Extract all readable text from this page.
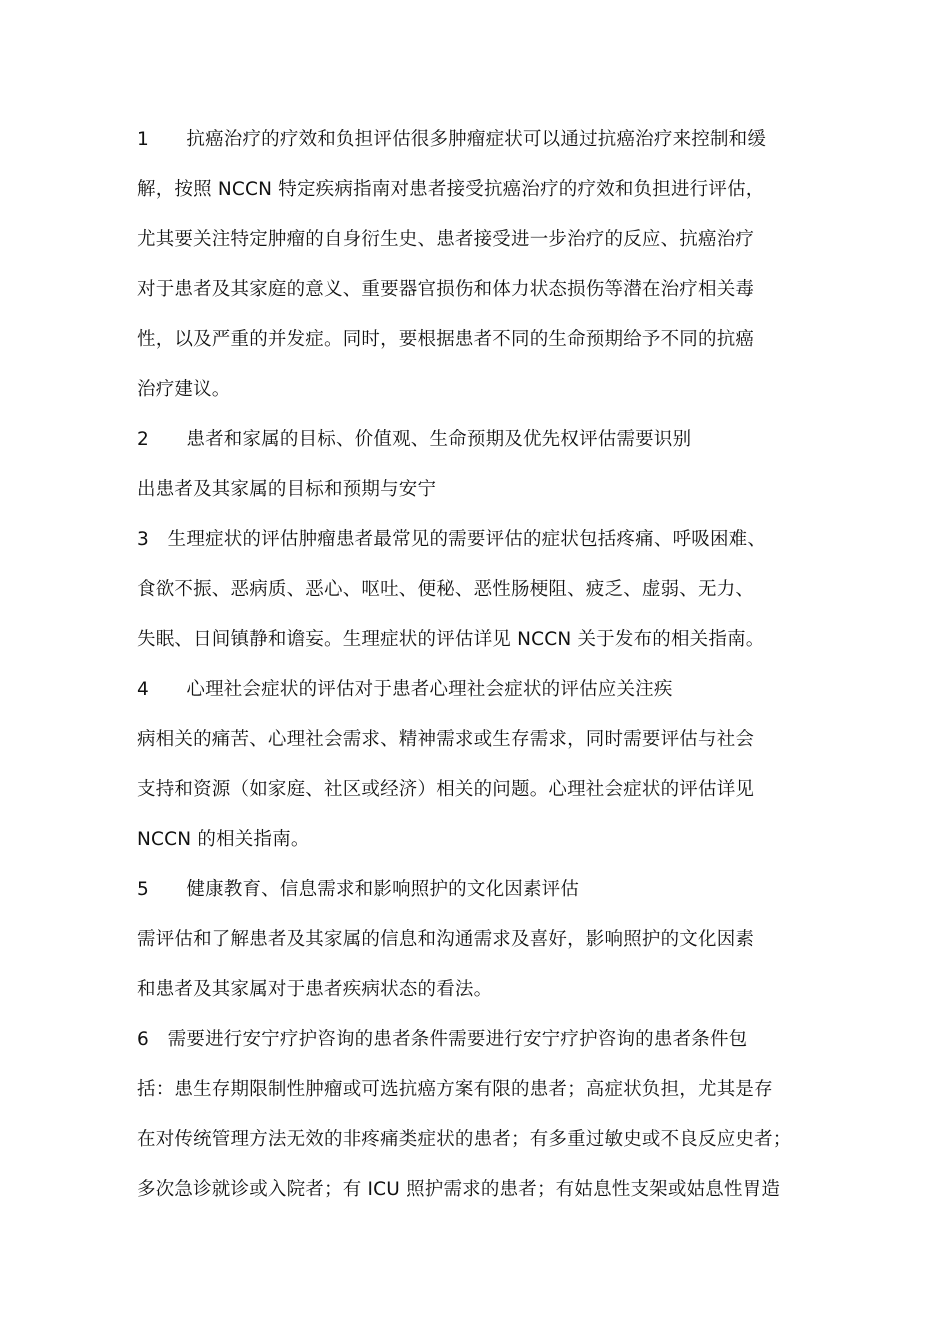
1　　抗癌治疗的疗效和负担评估很多肿瘤症状可以通过抗癌治疗来控制和缓
解，按照 NCCN 特定疾病指南对患者接受抗癌治疗的疗效和负担进行评估，
尤其要关注特定肿瘤的自身衍生史、患者接受进一步治疗的反应、抗癌治疗
对于患者及其家庭的意义、重要器官损伤和体力状态损伤等潜在治疗相关毒
性，以及严重的并发症。同时，要根据患者不同的生命预期给予不同的抗癌
治疗建议。
2　　患者和家属的目标、价值观、生命预期及优先权评估需要识别
出患者及其家属的目标和预期与安宁
3　生理症状的评估肿瘤患者最常见的需要评估的症状包括疼痛、呼吸困难、
食欲不振、恶病质、恶心、呕吐、便秘、恶性肠梗阻、疲乏、虚弱、无力、
失眠、日间镇静和谵妄。生理症状的评估详见 NCCN 关于发布的相关指南。
4　　心理社会症状的评估对于患者心理社会症状的评估应关注疾
病相关的痛苦、心理社会需求、精神需求或生存需求，同时需要评估与社会
支持和资源（如家庭、社区或经济）相关的问题。心理社会症状的评估详见
NCCN 的相关指南。
5　　健康教育、信息需求和影响照护的文化因素评估
需评估和了解患者及其家属的信息和沟通需求及喜好，影响照护的文化因素
和患者及其家属对于患者疾病状态的看法。
6　需要进行安宁疗护咨询的患者条件需要进行安宁疗护咨询的患者条件包
括：患生存期限制性肿瘤或可选抗癌方案有限的患者；高症状负担，尤其是存
在对传统管理方法无效的非疼痛类症状的患者；有多重过敏史或不良反应史者；
多次急诊就诊或入院者；有 ICU 照护需求的患者；有姑息性支架或姑息性胃造
